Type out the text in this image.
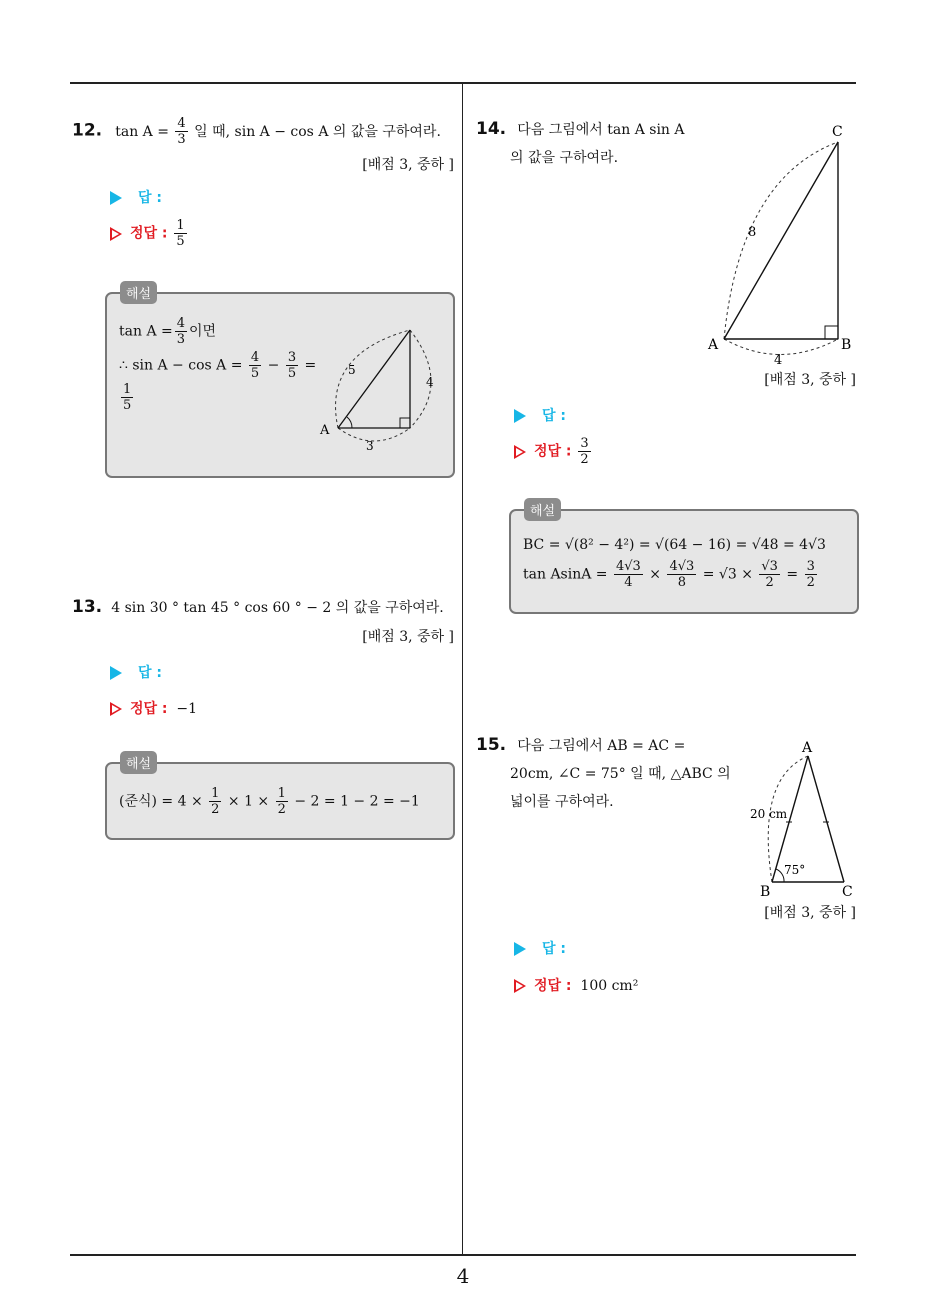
12. $\tan A = \frac{4}{3}$ 일 때, sin A − cos A 의 값을 구하여라.
[배점 3, 중하 ]
답 :
정답 : $\frac{1}{5}$
$\tan A = \frac{4}{3}$ 이면
∴ $\sin A - \cos A = \frac{4}{5} - \frac{3}{5}$ =
$\frac{1}{5}$
A
5
4
3
해설
13. 4 sin 30 ° tan 45 ° cos 60 ° − 2 의 값을 구하여라.
[배점 3, 중하 ]
답 :
정답 : −1
(준식) = $4 \times \frac{1}{2} \times 1 \times \frac{1}{2} - 2 = 1 - 2 = -1$
해설
14. 다음 그림에서 tan A sin A
의 값을 구하여라.
C
A	B
8
4
[배점 3, 중하 ]
답 :
정답 : $\frac{3}{2}$
BC = √(8² − 4²) = √(64 − 16) = √48 = 4√3
$\tan AsinA = \frac{4√3}{4} \times \frac{4√3}{8} = √3 \times \frac{√3}{2} = \frac{3}{2}$
해설
15. 다음 그림에서 AB = AC =
20cm, ∠C = 75° 일 때, △ABC 의
넓이를 구하여라.
A
B	C
20 cm
75°
[배점 3, 중하 ]
답 :
정답 : 100 cm²
4
